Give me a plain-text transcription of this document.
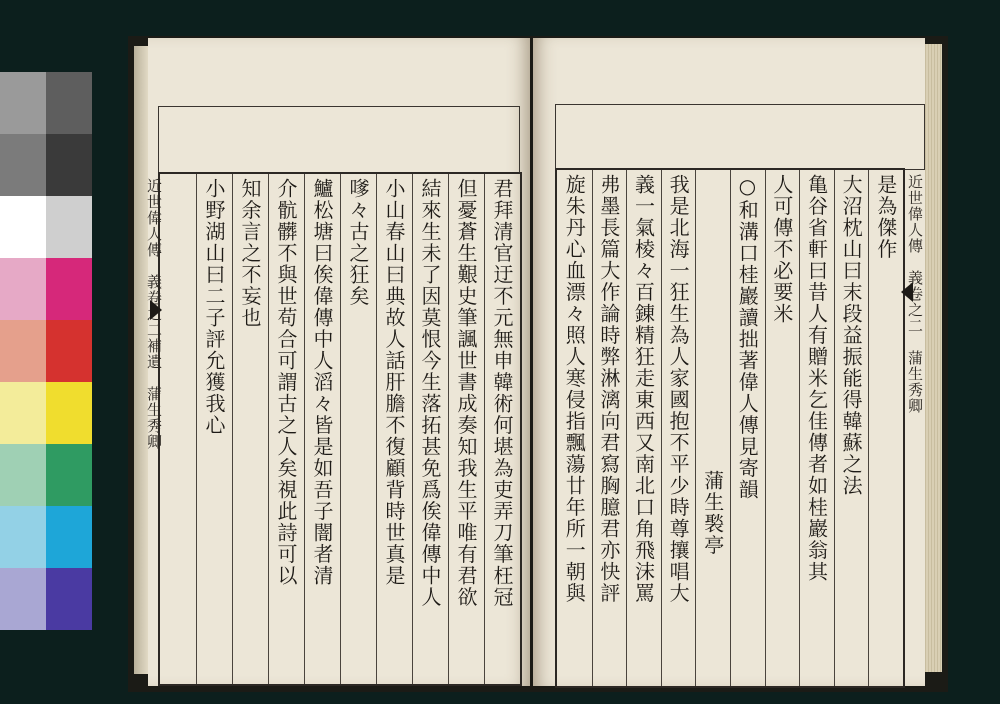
君拜清官迂不元無申韓術何堪為吏弄刀筆枉冠
但憂蒼生艱史筆諷世書成奏知我生平唯有君欲
結來生未了因莫恨今生落拓甚免爲俟偉傳中人
小山春山曰典故人話肝膽不復顧背時世真是
嗲々古之狂矣
鱸松塘曰俟偉傳中人滔々皆是如吾子闇者清
介骯髒不與世苟合可謂古之人矣視此詩可以
知余言之不妄也
小野湖山曰二子評允獲我心
近世偉人傳　義卷之二補遺　蒲生秀卿	是為傑作
大沼枕山曰末段益振能得韓蘇之法
亀谷省軒曰昔人有贈米乞佳傳者如桂巖翁其
人可傳不必要米
○和溝口桂巖讀拙著偉人傳見寄韻
蒲生褧亭
我是北海一狂生為人家國抱不平少時尊攘唱大
義一氣棱々百錬精狂走東西又南北口角飛沫罵
弗墨長篇大作論時弊淋漓向君寫胸臆君亦快評
旋朱丹心血漂々照人寒侵指飄蕩廿年所一朝與	近世偉人傳　義卷之二　蒲生秀卿
